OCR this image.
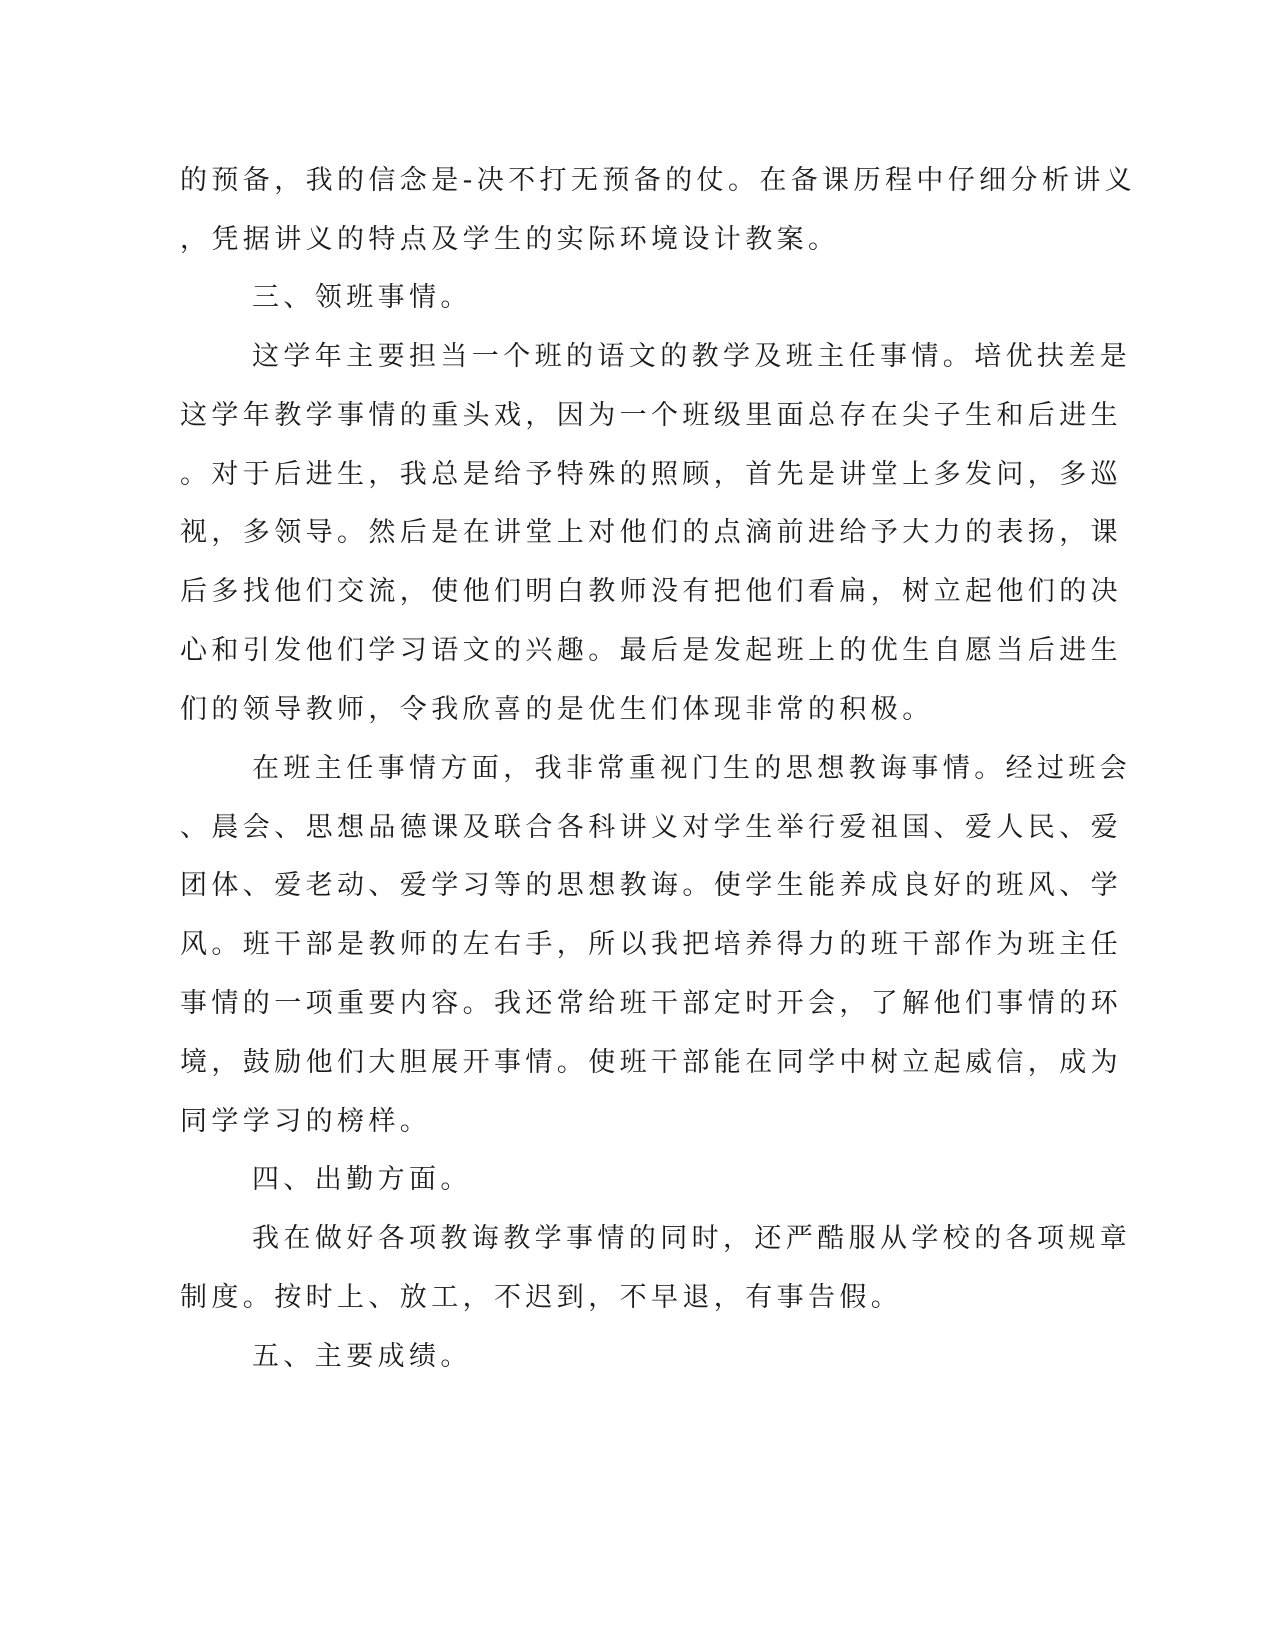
的预备，我的信念是-决不打无预备的仗。在备课历程中仔细分析讲义
，凭据讲义的特点及学生的实际环境设计教案。
三、领班事情。
这学年主要担当一个班的语文的教学及班主任事情。培优扶差是
这学年教学事情的重头戏，因为一个班级里面总存在尖子生和后进生
。对于后进生，我总是给予特殊的照顾，首先是讲堂上多发问，多巡
视，多领导。然后是在讲堂上对他们的点滴前进给予大力的表扬，课
后多找他们交流，使他们明白教师没有把他们看扁，树立起他们的决
心和引发他们学习语文的兴趣。最后是发起班上的优生自愿当后进生
们的领导教师，令我欣喜的是优生们体现非常的积极。
在班主任事情方面，我非常重视门生的思想教诲事情。经过班会
、晨会、思想品德课及联合各科讲义对学生举行爱祖国、爱人民、爱
团体、爱老动、爱学习等的思想教诲。使学生能养成良好的班风、学
风。班干部是教师的左右手，所以我把培养得力的班干部作为班主任
事情的一项重要内容。我还常给班干部定时开会，了解他们事情的环
境，鼓励他们大胆展开事情。使班干部能在同学中树立起威信，成为
同学学习的榜样。
四、出勤方面。
我在做好各项教诲教学事情的同时，还严酷服从学校的各项规章
制度。按时上、放工，不迟到，不早退，有事告假。
五、主要成绩。
